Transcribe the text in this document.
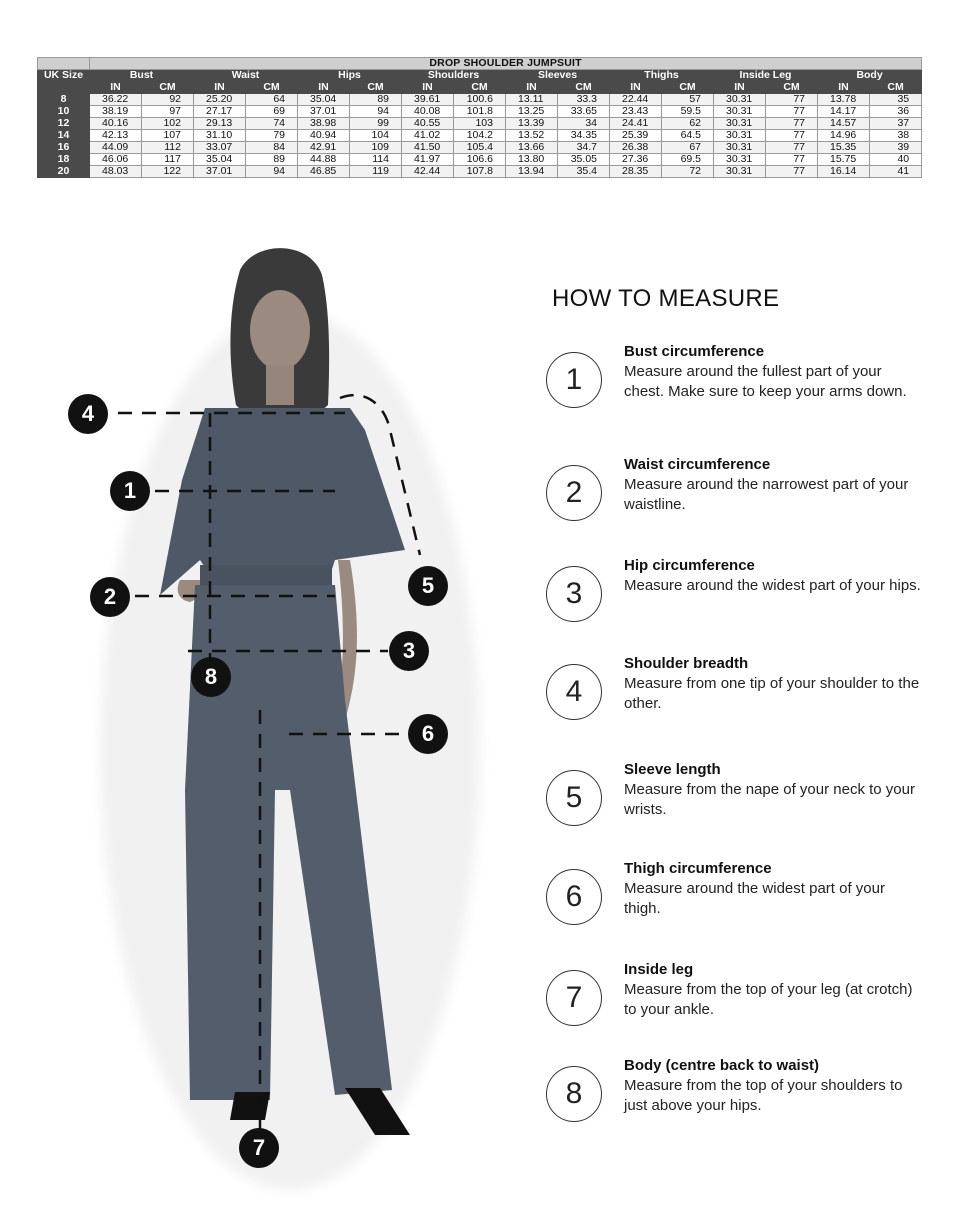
	DROP SHOULDER JUMPSUIT															
UK Size	Bust		Waist		Hips		Shoulders		Sleeves		Thighs		Inside Leg		Body	
	IN	CM	IN	CM	IN	CM	IN	CM	IN	CM	IN	CM	IN	CM	IN	CM
8	36.22	92	25.20	64	35.04	89	39.61	100.6	13.11	33.3	22.44	57	30.31	77	13.78	35
10	38.19	97	27.17	69	37.01	94	40.08	101.8	13.25	33.65	23.43	59.5	30.31	77	14.17	36
12	40.16	102	29.13	74	38.98	99	40.55	103	13.39	34	24.41	62	30.31	77	14.57	37
14	42.13	107	31.10	79	40.94	104	41.02	104.2	13.52	34.35	25.39	64.5	30.31	77	14.96	38
16	44.09	112	33.07	84	42.91	109	41.50	105.4	13.66	34.7	26.38	67	30.31	77	15.35	39
18	46.06	117	35.04	89	44.88	114	41.97	106.6	13.80	35.05	27.36	69.5	30.31	77	15.75	40
20	48.03	122	37.01	94	46.85	119	42.44	107.8	13.94	35.4	28.35	72	30.31	77	16.14	41
4
1
2	5
3
8
6
7
HOW TO MEASURE
1
Bust circumference
Measure around the fullest part of your chest. Make sure to keep your arms down.
2
Waist circumference
Measure around the narrowest part of your waistline.
3
Hip circumference
Measure around the widest part of your hips.
4
Shoulder breadth
Measure from one tip of your shoulder to the other.
5
Sleeve length
Measure from the nape of your neck to your wrists.
6
Thigh circumference
Measure around the widest part of your thigh.
7
Inside leg
Measure from the top of your leg (at crotch) to your ankle.
8
Body (centre back to waist)
Measure from the top of your shoulders to just above your hips.
